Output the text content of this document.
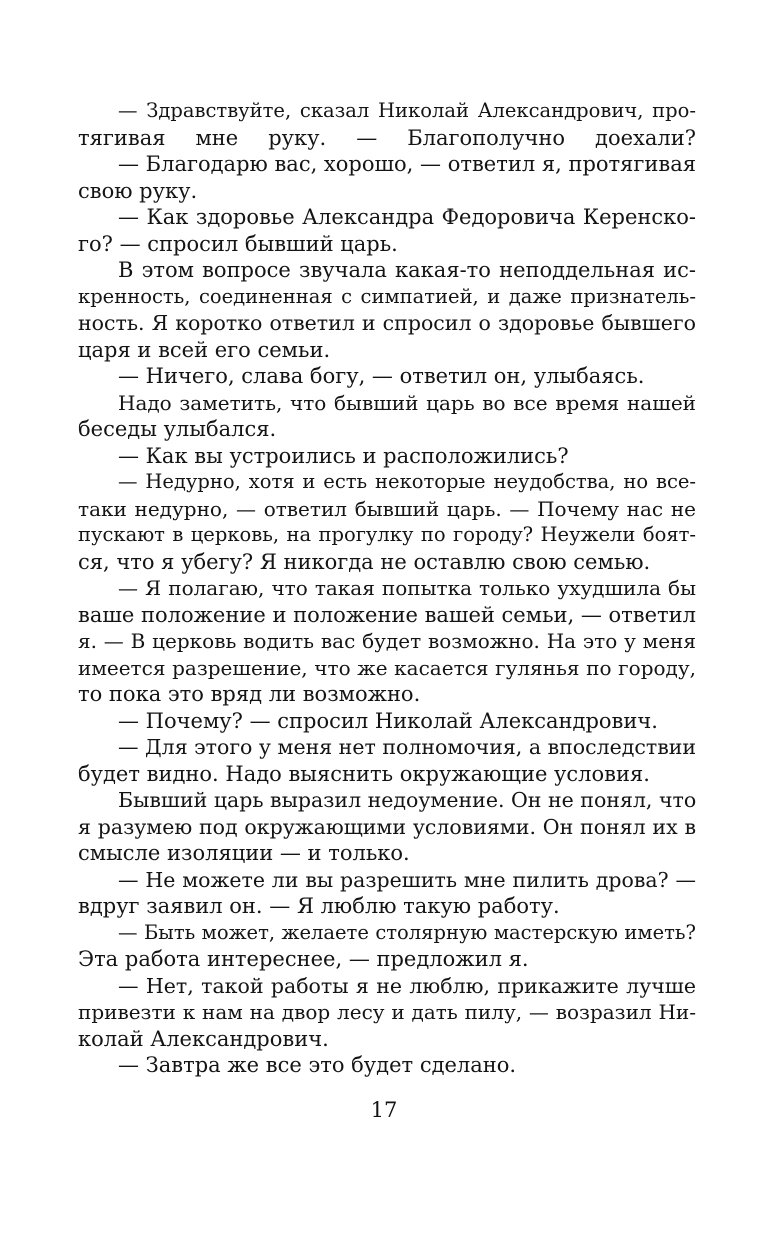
— Здравствуйте, сказал Николай Александрович, про-
тягивая мне руку. — Благополучно доехали?
— Благодарю вас, хорошо, — ответил я, протягивая
свою руку.
— Как здоровье Александра Федоровича Керенско-
го? — спросил бывший царь.
В этом вопросе звучала какая-то неподдельная ис-
кренность, соединенная с симпатией, и даже признатель-
ность. Я коротко ответил и спросил о здоровье бывшего
царя и всей его семьи.
— Ничего, слава богу, — ответил он, улыбаясь.
Надо заметить, что бывший царь во все время нашей
беседы улыбался.
— Как вы устроились и расположились?
— Недурно, хотя и есть некоторые неудобства, но все-
таки недурно, — ответил бывший царь. — Почему нас не
пускают в церковь, на прогулку по городу? Неужели боят-
ся, что я убегу? Я никогда не оставлю свою семью.
— Я полагаю, что такая попытка только ухудшила бы
ваше положение и положение вашей семьи, — ответил
я. — В церковь водить вас будет возможно. На это у меня
имеется разрешение, что же касается гулянья по городу,
то пока это вряд ли возможно.
— Почему? — спросил Николай Александрович.
— Для этого у меня нет полномочия, а впоследствии
будет видно. Надо выяснить окружающие условия.
Бывший царь выразил недоумение. Он не понял, что
я разумею под окружающими условиями. Он понял их в
смысле изоляции — и только.
— Не можете ли вы разрешить мне пилить дрова? —
вдруг заявил он. — Я люблю такую работу.
— Быть может, желаете столярную мастерскую иметь?
Эта работа интереснее, — предложил я.
— Нет, такой работы я не люблю, прикажите лучше
привезти к нам на двор лесу и дать пилу, — возразил Ни-
колай Александрович.
— Завтра же все это будет сделано.
17
